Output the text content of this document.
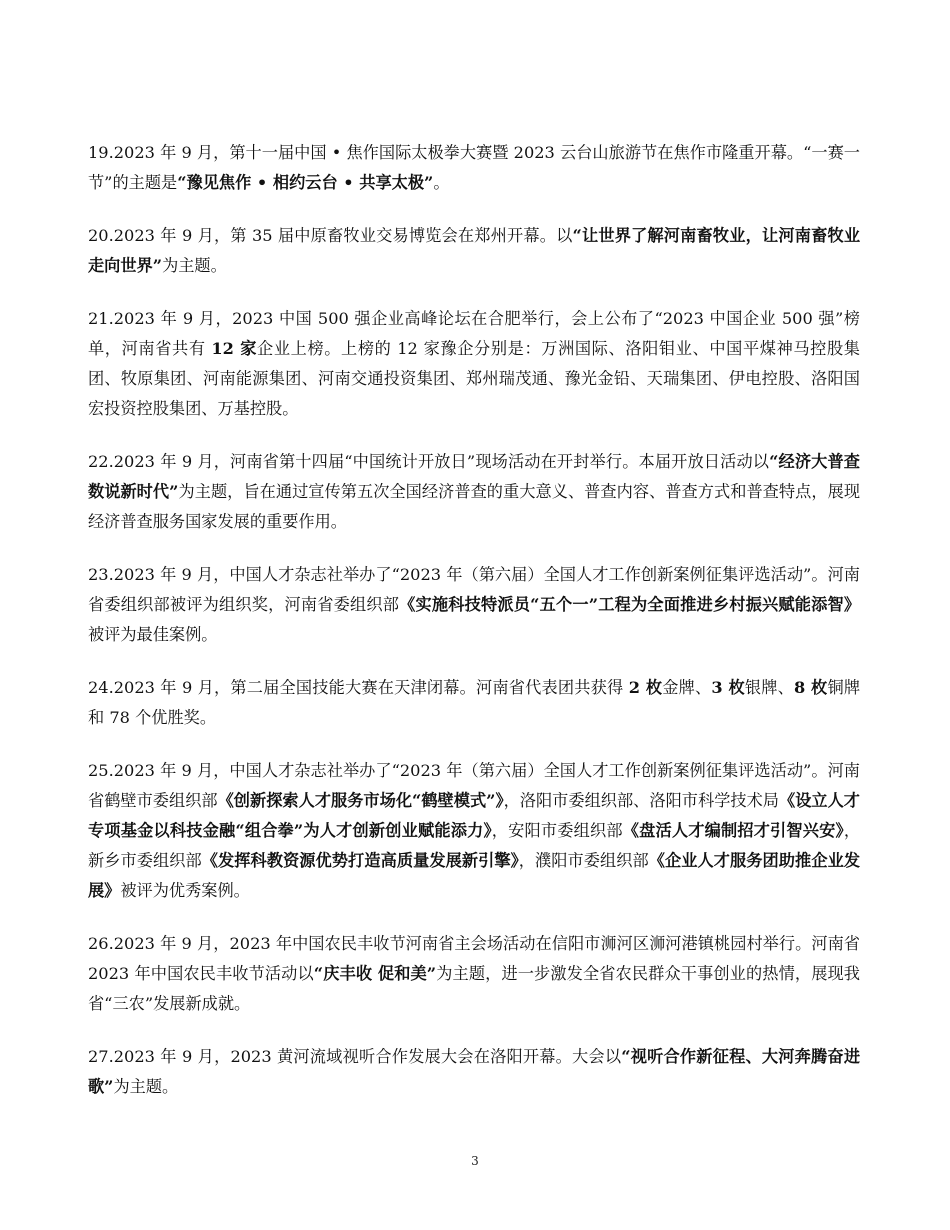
19.2023 年 9 月，第十一届中国 • 焦作国际太极拳大赛暨 2023 云台山旅游节在焦作市隆重开幕。“一赛一节”的主题是“豫见焦作 • 相约云台 • 共享太极”。

20.2023 年 9 月，第 35 届中原畜牧业交易博览会在郑州开幕。以“让世界了解河南畜牧业，让河南畜牧业走向世界”为主题。

21.2023 年 9 月，2023 中国 500 强企业高峰论坛在合肥举行，会上公布了“2023 中国企业 500 强”榜单，河南省共有 12 家企业上榜。上榜的 12 家豫企分别是：万洲国际、洛阳钼业、中国平煤神马控股集团、牧原集团、河南能源集团、河南交通投资集团、郑州瑞茂通、豫光金铅、天瑞集团、伊电控股、洛阳国宏投资控股集团、万基控股。

22.2023 年 9 月，河南省第十四届“中国统计开放日”现场活动在开封举行。本届开放日活动以“经济大普查 数说新时代”为主题，旨在通过宣传第五次全国经济普查的重大意义、普查内容、普查方式和普查特点，展现经济普查服务国家发展的重要作用。

23.2023 年 9 月，中国人才杂志社举办了“2023 年（第六届）全国人才工作创新案例征集评选活动”。河南省委组织部被评为组织奖，河南省委组织部《实施科技特派员“五个一”工程为全面推进乡村振兴赋能添智》被评为最佳案例。

24.2023 年 9 月，第二届全国技能大赛在天津闭幕。河南省代表团共获得 2 枚金牌、3 枚银牌、8 枚铜牌和 78 个优胜奖。

25.2023 年 9 月，中国人才杂志社举办了“2023 年（第六届）全国人才工作创新案例征集评选活动”。河南省鹤壁市委组织部《创新探索人才服务市场化“鹤壁模式”》，洛阳市委组织部、洛阳市科学技术局《设立人才专项基金以科技金融“组合拳”为人才创新创业赋能添力》，安阳市委组织部《盘活人才编制招才引智兴安》，新乡市委组织部《发挥科教资源优势打造高质量发展新引擎》，濮阳市委组织部《企业人才服务团助推企业发展》被评为优秀案例。

26.2023 年 9 月，2023 年中国农民丰收节河南省主会场活动在信阳市浉河区浉河港镇桃园村举行。河南省 2023 年中国农民丰收节活动以“庆丰收 促和美”为主题，进一步激发全省农民群众干事创业的热情，展现我省“三农”发展新成就。

27.2023 年 9 月，2023 黄河流域视听合作发展大会在洛阳开幕。大会以“视听合作新征程、大河奔腾奋进歌”为主题。

3
